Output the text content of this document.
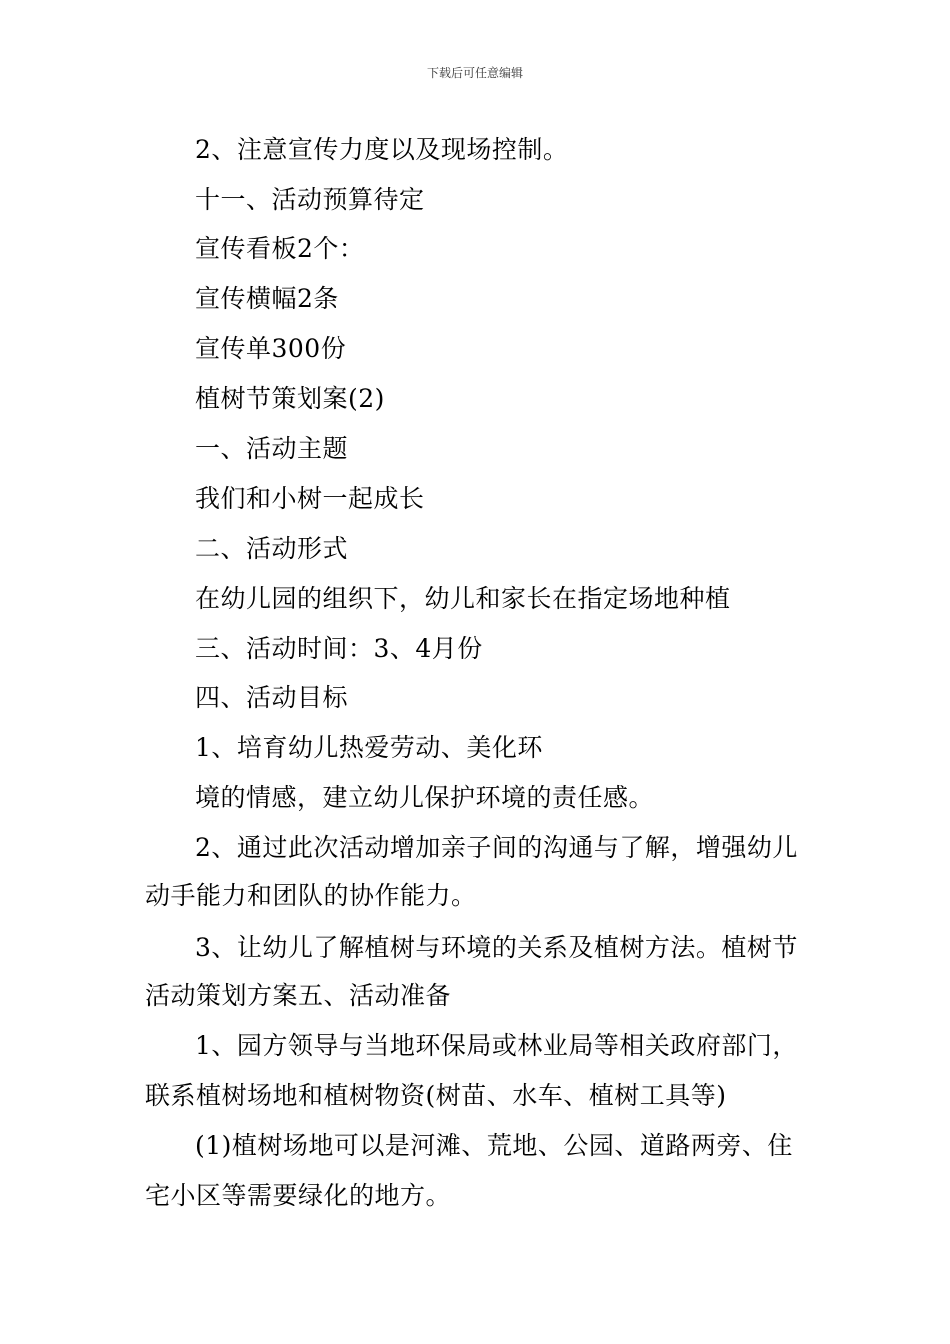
下载后可任意编辑
2、注意宣传力度以及现场控制。
十一、活动预算待定
宣传看板2个：
宣传横幅2条
宣传单300份
植树节策划案(2)
一、活动主题
我们和小树一起成长
二、活动形式
在幼儿园的组织下，幼儿和家长在指定场地种植
三、活动时间：3、4月份
四、活动目标
1、培育幼儿热爱劳动、美化环
境的情感，建立幼儿保护环境的责任感。
2、通过此次活动增加亲子间的沟通与了解，增强幼儿
动手能力和团队的协作能力。
3、让幼儿了解植树与环境的关系及植树方法。植树节
活动策划方案五、活动准备
1、园方领导与当地环保局或林业局等相关政府部门，
联系植树场地和植树物资(树苗、水车、植树工具等)
(1)植树场地可以是河滩、荒地、公园、道路两旁、住
宅小区等需要绿化的地方。
